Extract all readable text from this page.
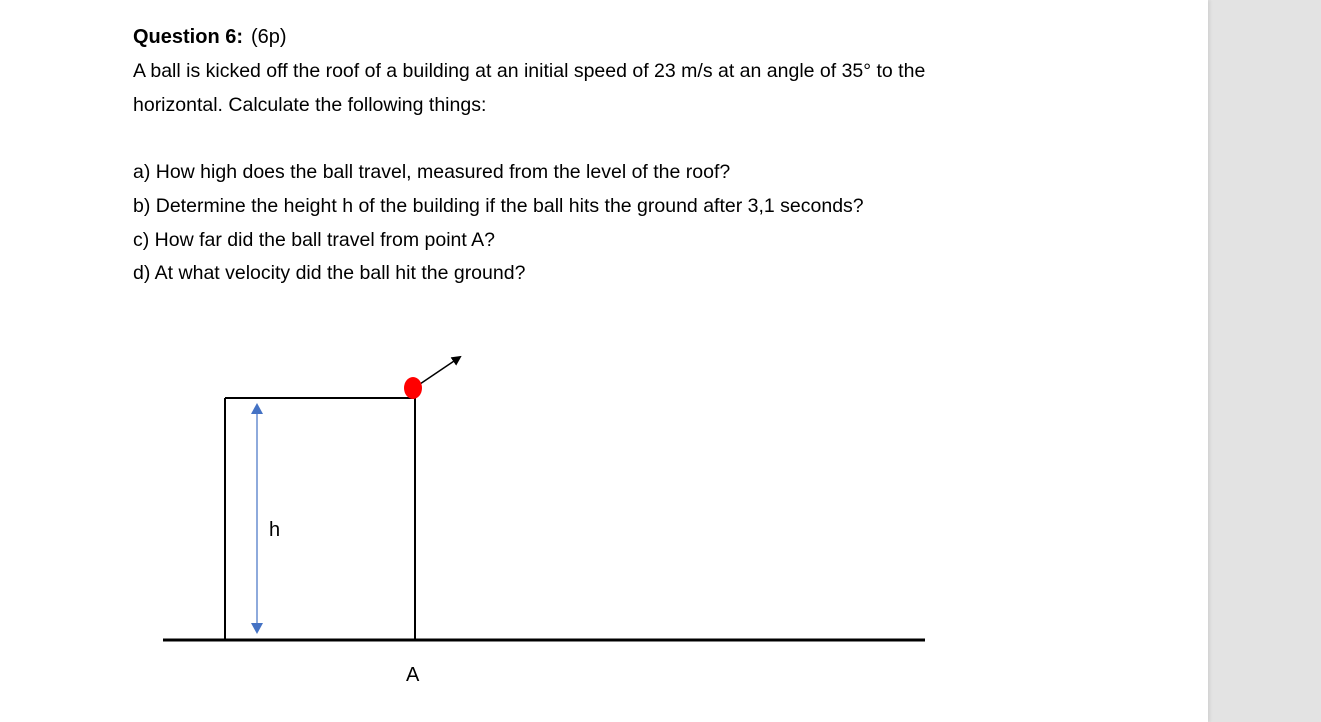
Question 6: (6p)
A ball is kicked off the roof of a building at an initial speed of 23 m/s at an angle of 35° to the
horizontal. Calculate the following things:
a) How high does the ball travel, measured from the level of the roof?
b) Determine the height h of the building if the ball hits the ground after 3,1 seconds?
c) How far did the ball travel from point A?
d) At what velocity did the ball hit the ground?
h
A
